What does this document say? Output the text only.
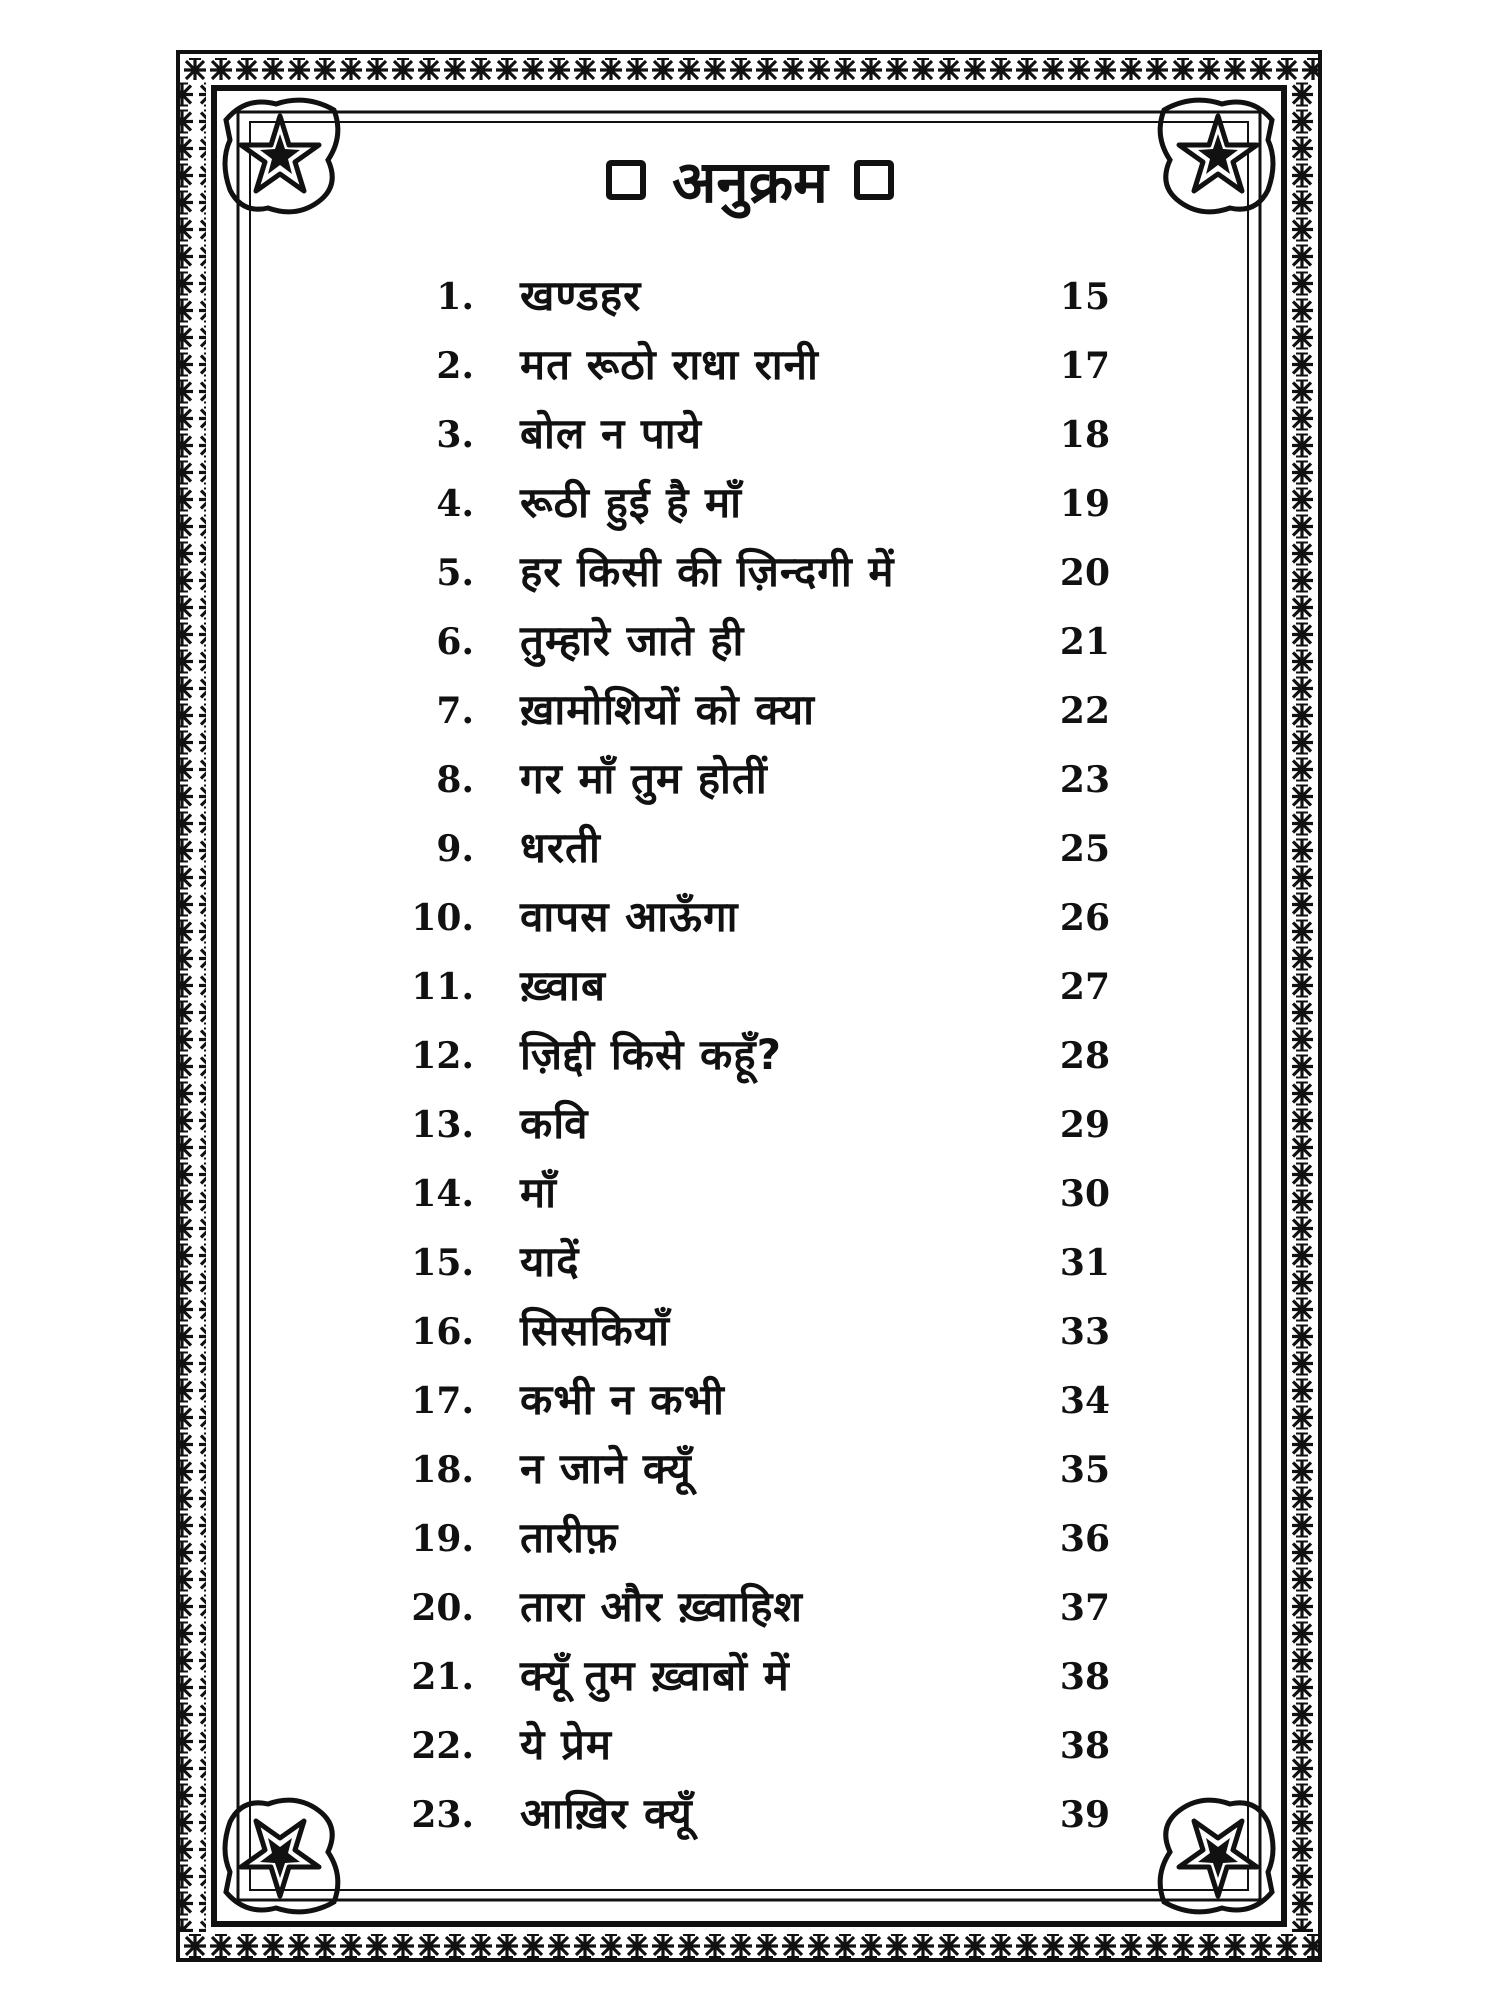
अनुक्रम
1. खण्डहर	15
2. मत रूठो राधा रानी	17
3. बोल न पाये	18
4. रूठी हुई है माँ	19
5. हर किसी की ज़िन्दगी में	20
6. तुम्हारे जाते ही	21
7. ख़ामोशियों को क्या	22
8. गर माँ तुम होतीं	23
9. धरती	25
10. वापस आऊँगा	26
11. ख़्वाब	27
12. ज़िद्दी किसे कहूँ?	28
13. कवि	29
14. माँ	30
15. यादें	31
16. सिसकियाँ	33
17. कभी न कभी	34
18. न जाने क्यूँ	35
19. तारीफ़	36
20. तारा और ख़्वाहिश	37
21. क्यूँ तुम ख़्वाबों में	38
22. ये प्रेम	38
23. आख़िर क्यूँ	39
